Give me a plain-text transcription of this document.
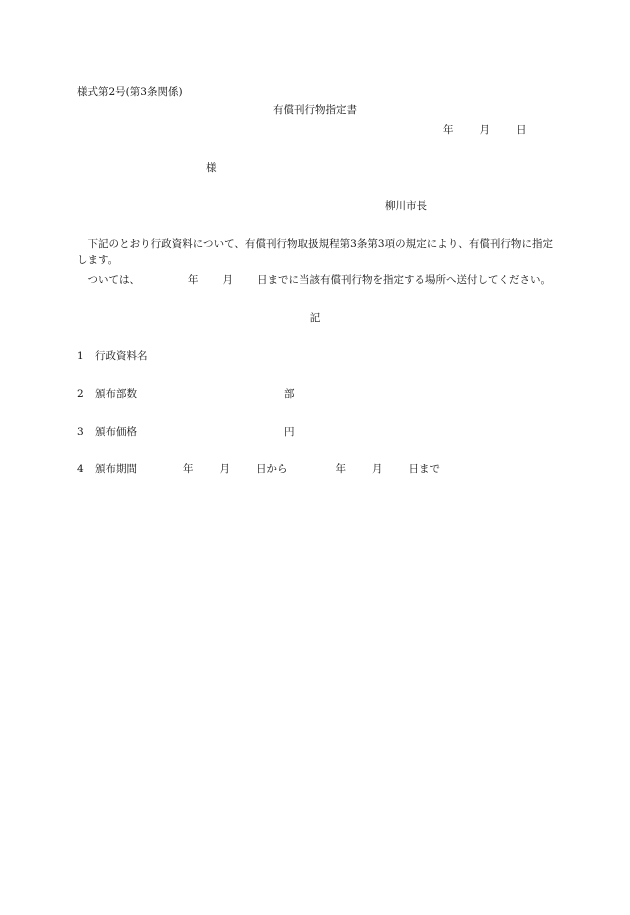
様式第2号(第3条関係)
有償刊行物指定書
年 月 日
様
柳川市長
下記のとおり行政資料について、有償刊行物取扱規程第3条第3項の規定により、有償刊行物に指定します。
ついては、	年 月 日までに当該有償刊行物を指定する場所へ送付してください。
記
1 行政資料名
2 頒布部数	部
3 頒布価格	円
4 頒布期間	年 月 日から	年 月 日まで
